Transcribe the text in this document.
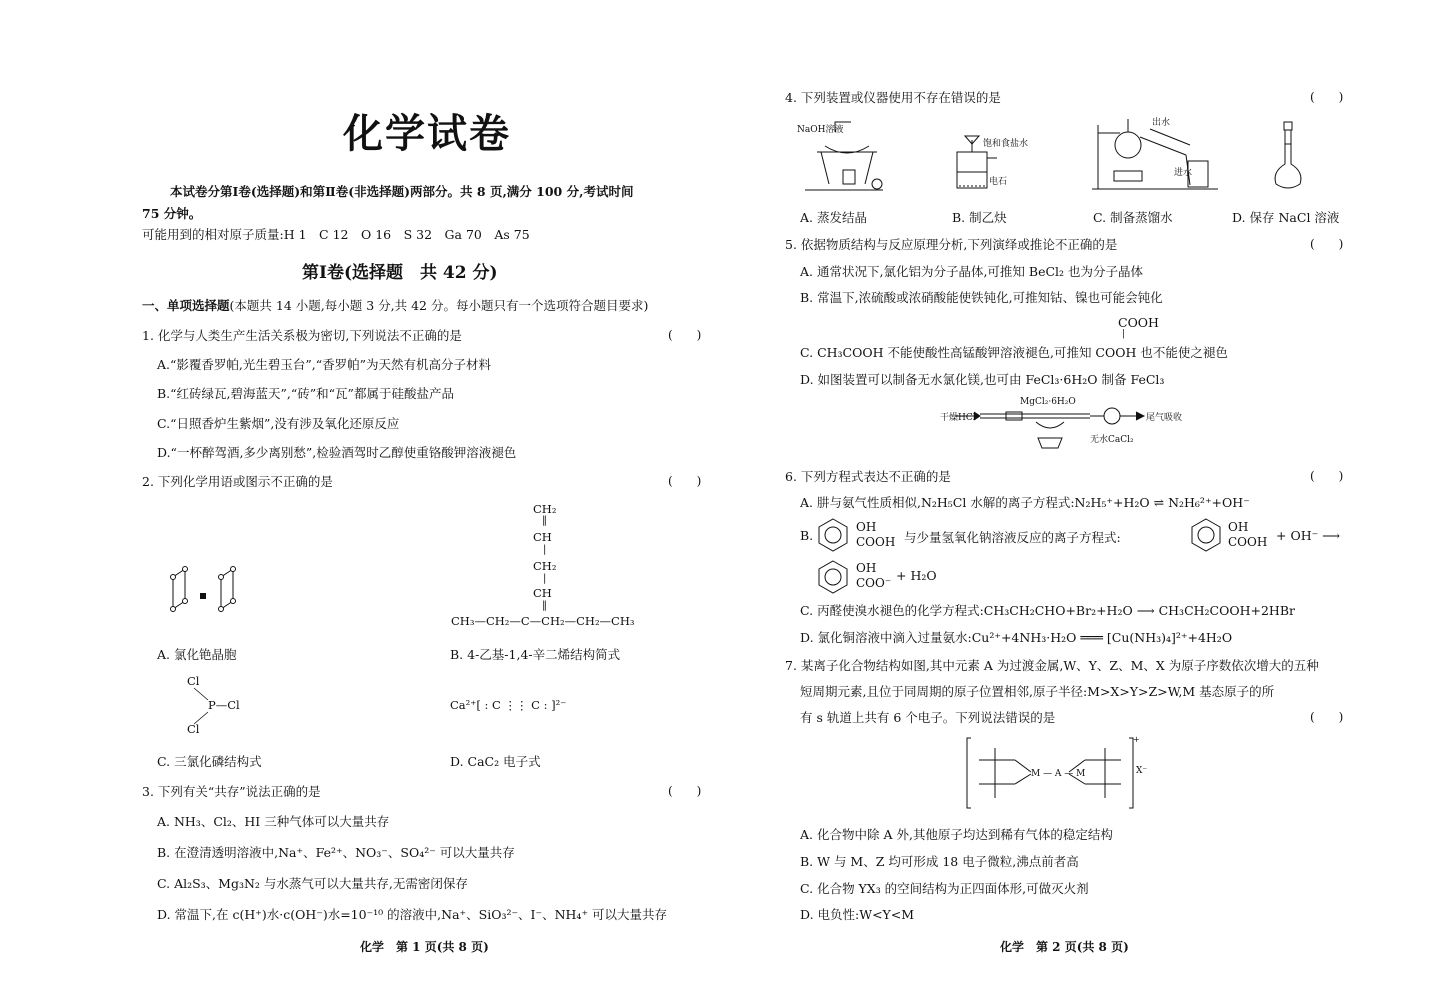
化学试卷
本试卷分第Ⅰ卷(选择题)和第Ⅱ卷(非选择题)两部分。共 8 页,满分 100 分,考试时间
75 分钟。
可能用到的相对原子质量:H 1　C 12　O 16　S 32　Ga 70　As 75
第Ⅰ卷(选择题　共 42 分)
一、单项选择题(本题共 14 小题,每小题 3 分,共 42 分。每小题只有一个选项符合题目要求)
1. 化学与人类生产生活关系极为密切,下列说法不正确的是	(　　)
A.“影覆香罗帕,光生碧玉台”,“香罗帕”为天然有机高分子材料
B.“红砖绿瓦,碧海蓝天”,“砖”和“瓦”都属于硅酸盐产品
C.“日照香炉生紫烟”,没有涉及氧化还原反应
D.“一杯醉驾酒,多少离别愁”,检验酒驾时乙醇使重铬酸钾溶液褪色
2. 下列化学用语或图示不正确的是	(　　)
A. 氯化铯晶胞
CH₂
‖
CH
|
CH₂
|
CH
‖
CH₃—CH₂—C—CH₂—CH₂—CH₃
B. 4-乙基-1,4-辛二烯结构简式
Cl
P—Cl
Cl
C. 三氯化磷结构式
Ca²⁺[ : C ⋮⋮ C : ]²⁻
D. CaC₂ 电子式
3. 下列有关“共存”说法正确的是	(　　)
A. NH₃、Cl₂、HI 三种气体可以大量共存
B. 在澄清透明溶液中,Na⁺、Fe²⁺、NO₃⁻、SO₄²⁻ 可以大量共存
C. Al₂S₃、Mg₃N₂ 与水蒸气可以大量共存,无需密闭保存
D. 常温下,在 c(H⁺)水·c(OH⁻)水=10⁻¹⁰ 的溶液中,Na⁺、SiO₃²⁻、I⁻、NH₄⁺ 可以大量共存
化学　第 1 页(共 8 页)
4. 下列装置或仪器使用不存在错误的是	(　　)
NaOH溶液
A. 蒸发结晶
饱和食盐水
电石
B. 制乙炔
出水
进水
C. 制备蒸馏水	D. 保存 NaCl 溶液
5. 依据物质结构与反应原理分析,下列演绎或推论不正确的是	(　　)
A. 通常状况下,氯化铝为分子晶体,可推知 BeCl₂ 也为分子晶体
B. 常温下,浓硫酸或浓硝酸能使铁钝化,可推知钴、镍也可能会钝化
COOH
|
C. CH₃COOH 不能使酸性高锰酸钾溶液褪色,可推知 COOH 也不能使之褪色
D. 如图装置可以制备无水氯化镁,也可由 FeCl₃·6H₂O 制备 FeCl₃
干燥HCl
MgCl₂·6H₂O
无水CaCl₂
尾气吸收
6. 下列方程式表达不正确的是	(　　)
A. 肼与氨气性质相似,N₂H₅Cl 水解的离子方程式:N₂H₅⁺+H₂O ⇌ N₂H₆²⁺+OH⁻
B.
OH
COOH 与少量氢氧化钠溶液反应的离子方程式:
OH
COOH + OH⁻ ⟶
OH
COO⁻ + H₂O
C. 丙醛使溴水褪色的化学方程式:CH₃CH₂CHO+Br₂+H₂O ⟶ CH₃CH₂COOH+2HBr
D. 氯化铜溶液中滴入过量氨水:Cu²⁺+4NH₃·H₂O ═══ [Cu(NH₃)₄]²⁺+4H₂O
7. 某离子化合物结构如图,其中元素 A 为过渡金属,W、Y、Z、M、X 为原子序数依次增大的五种
短周期元素,且位于同周期的原子位置相邻,原子半径:M>X>Y>Z>W,M 基态原子的所
有 s 轨道上共有 6 个电子。下列说法错误的是	(　　)
M — A — M
+
X⁻
A. 化合物中除 A 外,其他原子均达到稀有气体的稳定结构
B. W 与 M、Z 均可形成 18 电子微粒,沸点前者高
C. 化合物 YX₃ 的空间结构为正四面体形,可做灭火剂
D. 电负性:W<Y<M
化学　第 2 页(共 8 页)
